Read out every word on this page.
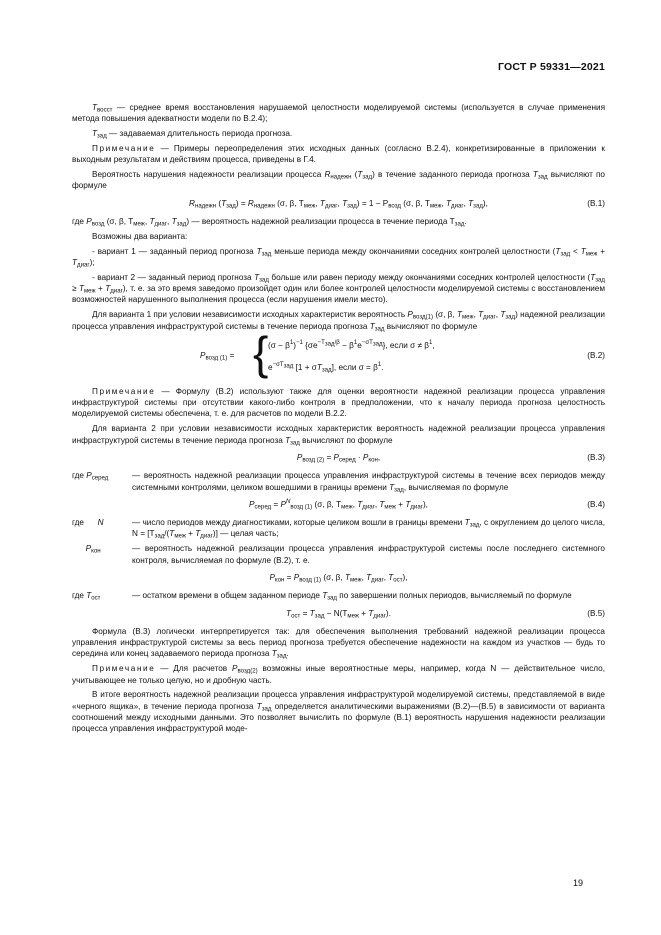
ГОСТ Р 59331—2021

$T_{восст}$ — среднее время восстановления нарушаемой целостности моделируемой системы (используется в случае применения метода повышения адекватности модели по В.2.4);

$T_{зад}$ — задаваемая длительность периода прогноза.

Примечание — Примеры переопределения этих исходных данных (согласно В.2.4), конкретизированные в приложении к выходным результатам и действиям процесса, приведены в Г.4.

Вероятность нарушения надежности реализации процесса $R_{надежн}$ $(T_{зад})$ в течение заданного периода прогноза $T_{зад}$ вычисляют по формуле

$R_{надежн}$ $(T_{зад}) = R_{надежн}$ (σ, β, $T_{меж}$, $T_{диаг}$, $T_{зад}) = 1 - P_{возд}$ (σ, β, $T_{меж}$, $T_{диаг}$, $T_{зад}$),	(В.1)

где $P_{возд}$ (σ, β, $T_{меж}$, $T_{диаг}$, $T_{зад}$) — вероятность надежной реализации процесса в течение периода $T_{зад}$.

Возможны два варианта:

- вариант 1 — заданный период прогноза $T_{зад}$ меньше периода между окончаниями соседних контролей целостности $(T_{зад} < T_{меж} + T_{диаг})$;

- вариант 2 — заданный период прогноза $T_{зад}$ больше или равен периоду между окончаниями соседних контролей целостности $(T_{зад} \ge T_{меж} + T_{диаг})$, т. е. за это время заведомо произойдет один или более контролей целостности моделируемой системы с восстановлением возможностей нарушенного выполнения процесса (если нарушения имели место).

Для варианта 1 при условии независимости исходных характеристик вероятность $P_{возд(1)}$ (σ, β, $T_{меж}$, $T_{диаг}$, $T_{зад}$) надежной реализации процесса управления инфраструктурой системы в течение периода прогноза $T_{зад}$ вычисляют по формуле

$P_{возд (1)}$ = { $(\sigma - \beta^1)^{-1}$ $\{\sigma e^{-T_{зад}/\beta} - \beta^1e^{-\sigma T_{зад}}\}$, если $\sigma \ne \beta^1$,
$e^{-\sigma T_{зад}}$ $[1 + \sigma T_{зад}]$, если $\sigma = \beta^1$.
(В.2)

Примечание — Формулу (В.2) используют также для оценки вероятности надежной реализации процесса управления инфраструктурой системы при отсутствии какого-либо контроля в предположении, что к началу периода прогноза целостность моделируемой системы обеспечена, т. е. для расчетов по модели В.2.2.

Для варианта 2 при условии независимости исходных характеристик вероятность надежной реализации процесса управления инфраструктурой системы в течение периода прогноза $T_{зад}$ вычисляют по формуле

$P_{возд (2)} = P_{серед} \cdot P_{кон}$,	(В.3)
где $P_{серед}$	— вероятность надежной реализации процесса управления инфраструктурой системы в течение всех периодов между системными контролями, целиком вошедшими в границы времени $T_{зад}$, вычисляемая по формуле
$P_{серед} = P^N_{возд (1)}$ (σ, β, $T_{меж}$, $T_{диаг}$, $T_{меж} + T_{диаг}$),	(В.4)
где N	— число периодов между диагностиками, которые целиком вошли в границы времени $T_{зад}$, с округлением до целого числа, $N = [T_{зад}/(T_{меж} + T_{диаг})]$ — целая часть;
$P_{кон}$	— вероятность надежной реализации процесса управления инфраструктурой системы после последнего системного контроля, вычисляемая по формуле (В.2), т. е.
$P_{кон} = P_{возд (1)}$ (σ, β, $T_{меж}$, $T_{диаг}$, $T_{ост}$),
где $T_{ост}$	— остатком времени в общем заданном периоде $T_{зад}$ по завершении полных периодов, вычисляемый по формуле
$T_{ост} = T_{зад} - N(T_{меж} + T_{диаг})$.	(В.5)

Формула (В.3) логически интерпретируется так: для обеспечения выполнения требований надежной реализации процесса управления инфраструктурой системы за весь период прогноза требуется обеспечение надежности на каждом из участков — будь то середина или конец задаваемого периода прогноза $T_{зад}$.

Примечание — Для расчетов $P_{возд(2)}$ возможны иные вероятностные меры, например, когда N — действительное число, учитывающее не только целую, но и дробную часть.

В итоге вероятность надежной реализации процесса управления инфраструктурой моделируемой системы, представляемой в виде «черного ящика», в течение периода прогноза $T_{зад}$ определяется аналитическими выражениями (В.2)—(В.5) в зависимости от варианта соотношений между исходными данными. Это позволяет вычислить по формуле (В.1) вероятность нарушения надежности реализации процесса управления инфраструктурой моде-

19
